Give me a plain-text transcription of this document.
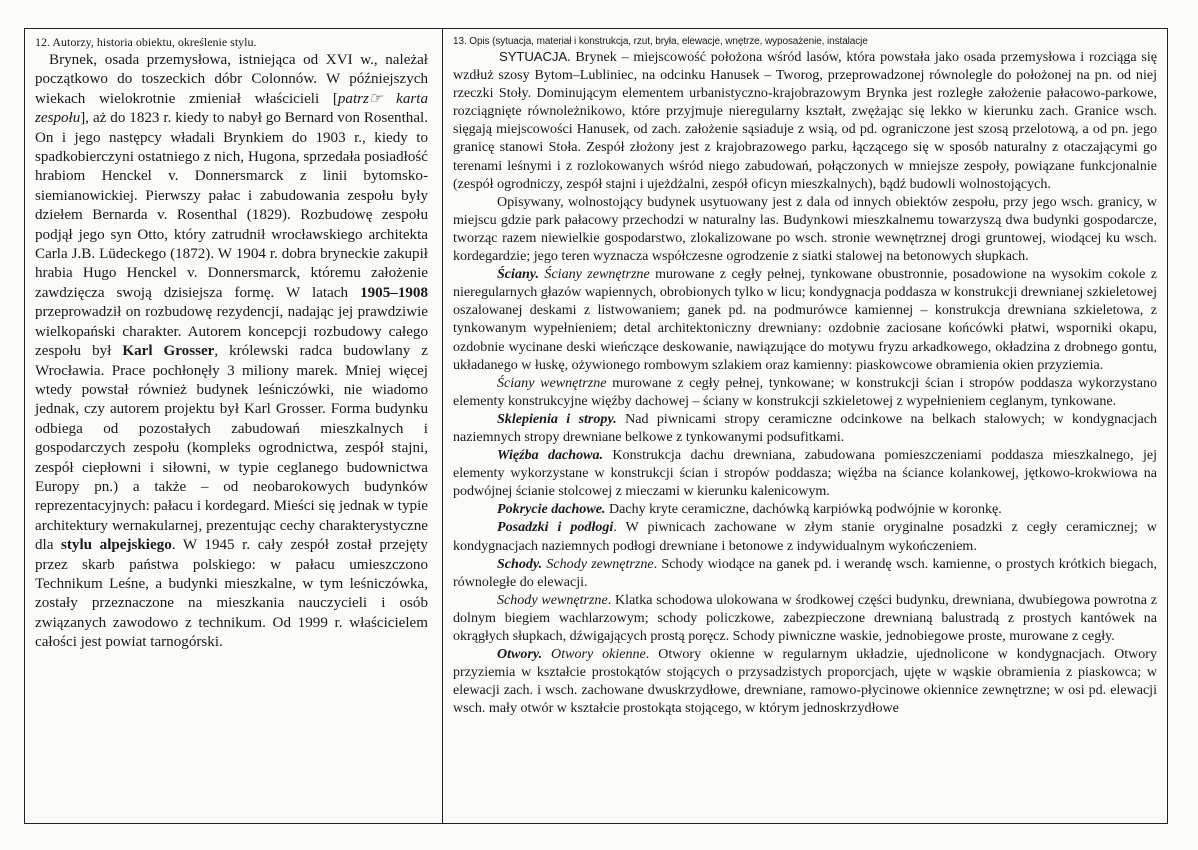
12. Autorzy, historia obiektu, określenie stylu.

Brynek, osada przemysłowa, istniejąca od XVI w., należał początkowo do toszeckich dóbr Colonnów. W późniejszych wiekach wielokrotnie zmieniał właścicieli [patrz☞ karta zespołu], aż do 1823 r. kiedy to nabył go Bernard von Rosenthal. On i jego następcy władali Brynkiem do 1903 r., kiedy to spadkobierczyni ostatniego z nich, Hugona, sprzedała posiadłość hrabiom Henckel v. Donnersmarck z linii bytomsko-siemianowickiej. Pierwszy pałac i zabudowania zespołu były dziełem Bernarda v. Rosenthal (1829). Rozbudowę zespołu podjął jego syn Otto, który zatrudnił wrocławskiego architekta Carla J.B. Lüdeckego (1872). W 1904 r. dobra bryneckie zakupił hrabia Hugo Henckel v. Donnersmarck, któremu założenie zawdzięcza swoją dzisiejsza formę. W latach 1905–1908 przeprowadził on rozbudowę rezydencji, nadając jej prawdziwie wielkopański charakter. Autorem koncepcji rozbudowy całego zespołu był Karl Grosser, królewski radca budowlany z Wrocławia. Prace pochłonęły 3 miliony marek. Mniej więcej wtedy powstał również budynek leśniczówki, nie wiadomo jednak, czy autorem projektu był Karl Grosser. Forma budynku odbiega od pozostałych zabudowań mieszkalnych i gospodarczych zespołu (kompleks ogrodnictwa, zespół stajni, zespół ciepłowni i siłowni, w typie ceglanego budownictwa Europy pn.) a także – od neobarokowych budynków reprezentacyjnych: pałacu i kordegard. Mieści się jednak w typie architektury wernakularnej, prezentując cechy charakterystyczne dla stylu alpejskiego. W 1945 r. cały zespół został przejęty przez skarb państwa polskiego: w pałacu umieszczono Technikum Leśne, a budynki mieszkalne, w tym leśniczówka, zostały przeznaczone na mieszkania nauczycieli i osób związanych zawodowo z technikum. Od 1999 r. właścicielem całości jest powiat tarnogórski.

13. Opis (sytuacja, materiał i konstrukcja, rzut, bryła, elewacje, wnętrze, wyposażenie, instalacje

SYTUACJA. Brynek – miejscowość położona wśród lasów, która powstała jako osada przemysłowa i rozciąga się wzdłuż szosy Bytom–Lubliniec, na odcinku Hanusek – Tworog, przeprowadzonej równolegle do położonej na pn. od niej rzeczki Stoły. Dominującym elementem urbanistyczno-krajobrazowym Brynka jest rozległe założenie pałacowo-parkowe, rozciągnięte równoleżnikowo, które przyjmuje nieregularny kształt, zwężając się lekko w kierunku zach. Granice wsch. sięgają miejscowości Hanusek, od zach. założenie sąsiaduje z wsią, od pd. ograniczone jest szosą przelotową, a od pn. jego granicę stanowi Stoła. Zespół złożony jest z krajobrazowego parku, łączącego się w sposób naturalny z otaczającymi go terenami leśnymi i z rozlokowanych wśród niego zabudowań, połączonych w mniejsze zespoły, powiązane funkcjonalnie (zespół ogrodniczy, zespół stajni i ujeżdżalni, zespół oficyn mieszkalnych), bądź budowli wolnostojących.

Opisywany, wolnostojący budynek usytuowany jest z dala od innych obiektów zespołu, przy jego wsch. granicy, w miejscu gdzie park pałacowy przechodzi w naturalny las. Budynkowi mieszkalnemu towarzyszą dwa budynki gospodarcze, tworząc razem niewielkie gospodarstwo, zlokalizowane po wsch. stronie wewnętrznej drogi gruntowej, wiodącej ku wsch. kordegardzie; jego teren wyznacza współczesne ogrodzenie z siatki stalowej na betonowych słupkach.

Ściany. Ściany zewnętrzne murowane z cegły pełnej, tynkowane obustronnie, posadowione na wysokim cokole z nieregularnych głazów wapiennych, obrobionych tylko w licu; kondygnacja poddasza w konstrukcji drewnianej szkieletowej oszalowanej deskami z listwowaniem; ganek pd. na podmurówce kamiennej – konstrukcja drewniana szkieletowa, z tynkowanym wypełnieniem; detal architektoniczny drewniany: ozdobnie zaciosane końcówki płatwi, wsporniki okapu, ozdobnie wycinane deski wieńczące deskowanie, nawiązujące do motywu fryzu arkadkowego, okładzina z drobnego gontu, układanego w łuskę, ożywionego rombowym szlakiem oraz kamienny: piaskowcowe obramienia okien przyziemia.

Ściany wewnętrzne murowane z cegły pełnej, tynkowane; w konstrukcji ścian i stropów poddasza wykorzystano elementy konstrukcyjne więźby dachowej – ściany w konstrukcji szkieletowej z wypełnieniem ceglanym, tynkowane.

Sklepienia i stropy. Nad piwnicami stropy ceramiczne odcinkowe na belkach stalowych; w kondygnacjach naziemnych stropy drewniane belkowe z tynkowanymi podsufitkami.

Więźba dachowa. Konstrukcja dachu drewniana, zabudowana pomieszczeniami poddasza mieszkalnego, jej elementy wykorzystane w konstrukcji ścian i stropów poddasza; więźba na ściance kolankowej, jętkowo-krokwiowa na podwójnej ścianie stolcowej z mieczami w kierunku kalenicowym.

Pokrycie dachowe. Dachy kryte ceramiczne, dachówką karpiówką podwójnie w koronkę.

Posadzki i podłogi. W piwnicach zachowane w złym stanie oryginalne posadzki z cegły ceramicznej; w kondygnacjach naziemnych podłogi drewniane i betonowe z indywidualnym wykończeniem.

Schody. Schody zewnętrzne. Schody wiodące na ganek pd. i werandę wsch. kamienne, o prostych krótkich biegach, równoległe do elewacji.

Schody wewnętrzne. Klatka schodowa ulokowana w środkowej części budynku, drewniana, dwubiegowa powrotna z dolnym biegiem wachlarzowym; schody policzkowe, zabezpieczone drewnianą balustradą z prostych kantówek na okrągłych słupkach, dźwigających prostą poręcz. Schody piwniczne waskie, jednobiegowe proste, murowane z cegły.

Otwory. Otwory okienne. Otwory okienne w regularnym układzie, ujednolicone w kondygnacjach. Otwory przyziemia w kształcie prostokątów stojących o przysadzistych proporcjach, ujęte w wąskie obramienia z piaskowca; w elewacji zach. i wsch. zachowane dwuskrzydłowe, drewniane, ramowo-płycinowe okiennice zewnętrzne; w osi pd. elewacji wsch. mały otwór w kształcie prostokąta stojącego, w którym jednoskrzydłowe
